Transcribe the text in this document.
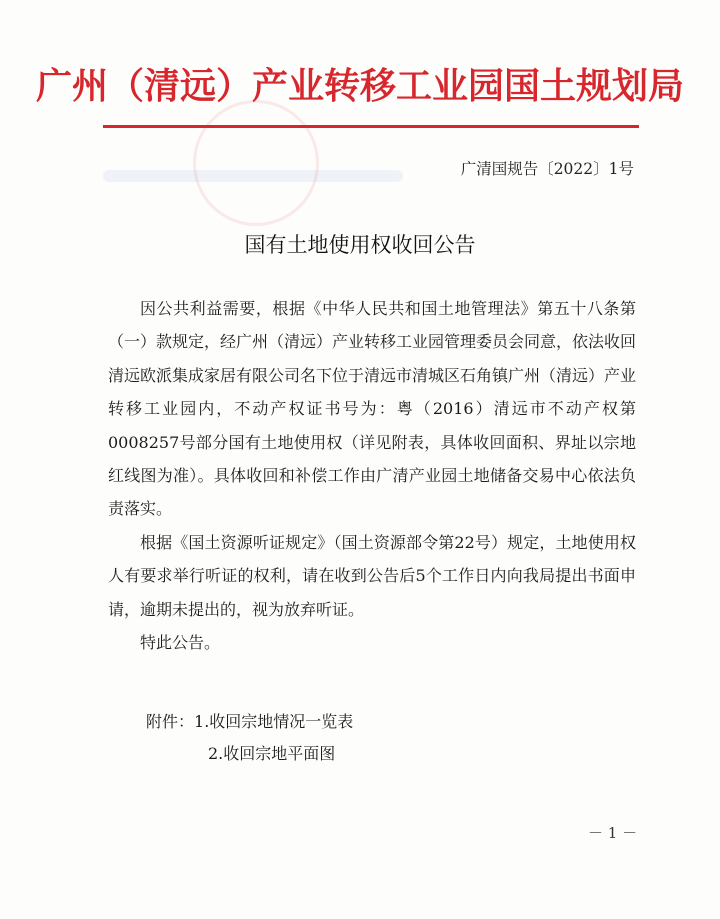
广州（清远）产业转移工业园国土规划局
广清国规告〔2022〕1号
国有土地使用权收回公告

因公共利益需要，根据《中华人民共和国土地管理法》第五十八条第（一）款规定，经广州（清远）产业转移工业园管理委员会同意，依法收回清远欧派集成家居有限公司名下位于清远市清城区石角镇广州（清远）产业转移工业园内，不动产权证书号为：粤（2016）清远市不动产权第0008257号部分国有土地使用权（详见附表，具体收回面积、界址以宗地红线图为准）。具体收回和补偿工作由广清产业园土地储备交易中心依法负责落实。

根据《国土资源听证规定》（国土资源部令第22号）规定，土地使用权人有要求举行听证的权利，请在收到公告后5个工作日内向我局提出书面申请，逾期未提出的，视为放弃听证。

特此公告。

附件： 1.收回宗地情况一览表
2.收回宗地平面图
－ 1 －
